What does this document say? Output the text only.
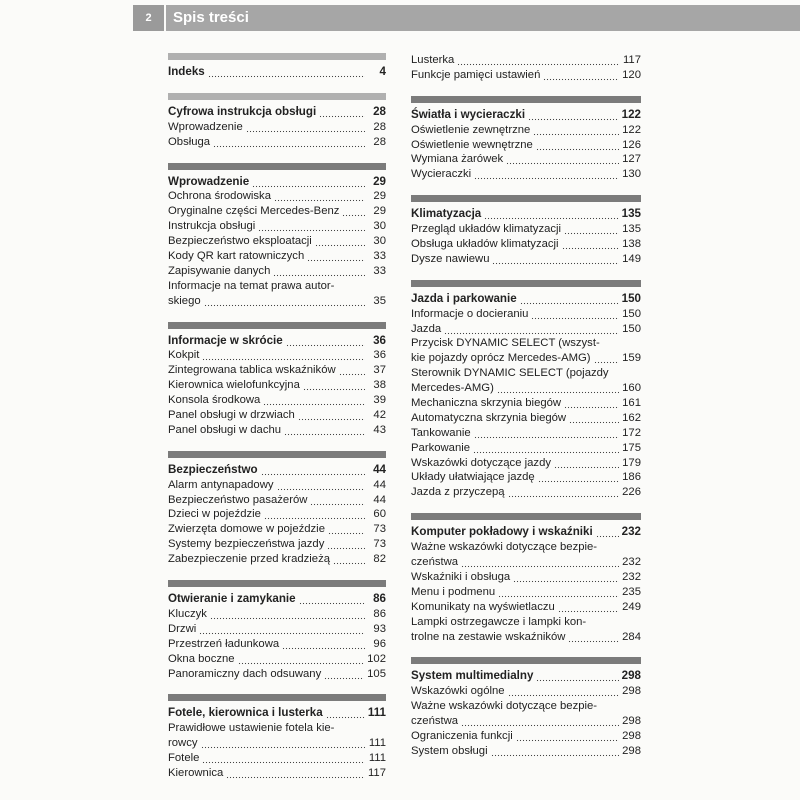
2	Spis treści
Indeks	4
Cyfrowa instrukcja obsługi	28
Wprowadzenie	28
Obsługa	28
Wprowadzenie	29
Ochrona środowiska	29
Oryginalne części Mercedes-Benz	29
Instrukcja obsługi	30
Bezpieczeństwo eksploatacji	30
Kody QR kart ratowniczych	33
Zapisywanie danych	33
Informacje na temat prawa autor-
skiego	35
Informacje w skrócie	36
Kokpit	36
Zintegrowana tablica wskaźników	37
Kierownica wielofunkcyjna	38
Konsola środkowa	39
Panel obsługi w drzwiach	42
Panel obsługi w dachu	43
Bezpieczeństwo	44
Alarm antynapadowy	44
Bezpieczeństwo pasażerów	44
Dzieci w pojeździe	60
Zwierzęta domowe w pojeździe	73
Systemy bezpieczeństwa jazdy	73
Zabezpieczenie przed kradzieżą	82
Otwieranie i zamykanie	86
Kluczyk	86
Drzwi	93
Przestrzeń ładunkowa	96
Okna boczne	102
Panoramiczny dach odsuwany	105
Fotele, kierownica i lusterka	111
Prawidłowe ustawienie fotela kie-
rowcy	111
Fotele	111
Kierownica	117
Lusterka	117
Funkcje pamięci ustawień	120
Światła i wycieraczki	122
Oświetlenie zewnętrzne	122
Oświetlenie wewnętrzne	126
Wymiana żarówek	127
Wycieraczki	130
Klimatyzacja	135
Przegląd układów klimatyzacji	135
Obsługa układów klimatyzacji	138
Dysze nawiewu	149
Jazda i parkowanie	150
Informacje o docieraniu	150
Jazda	150
Przycisk DYNAMIC SELECT (wszyst-
kie pojazdy oprócz Mercedes-AMG)	159
Sterownik DYNAMIC SELECT (pojazdy
Mercedes-AMG)	160
Mechaniczna skrzynia biegów	161
Automatyczna skrzynia biegów	162
Tankowanie	172
Parkowanie	175
Wskazówki dotyczące jazdy	179
Układy ułatwiające jazdę	186
Jazda z przyczepą	226
Komputer pokładowy i wskaźniki 232
Ważne wskazówki dotyczące bezpie-
czeństwa	232
Wskaźniki i obsługa	232
Menu i podmenu	235
Komunikaty na wyświetlaczu	249
Lampki ostrzegawcze i lampki kon-
trolne na zestawie wskaźników	284
System multimedialny	298
Wskazówki ogólne	298
Ważne wskazówki dotyczące bezpie-
czeństwa	298
Ograniczenia funkcji	298
System obsługi	298
